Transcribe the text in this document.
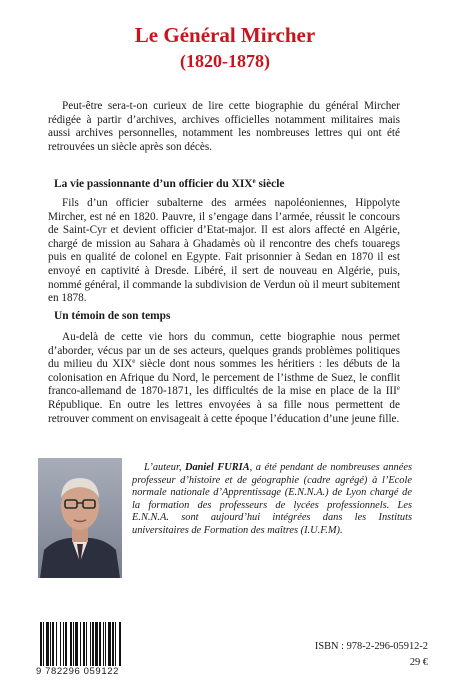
Le Général Mircher
(1820-1878)

Peut-être sera-t-on curieux de lire cette biographie du général Mircher rédigée à partir d’archives, archives officielles notamment militaires mais aussi archives personnelles, notamment les nombreuses lettres qui ont été retrouvées un siècle après son décès.

La vie passionnante d’un officier du XIXe siècle

Fils d’un officier subalterne des armées napoléoniennes, Hippolyte Mircher, est né en 1820. Pauvre, il s’engage dans l’armée, réussit le concours de Saint-Cyr et devient officier d’Etat-major. Il est alors affecté en Algérie, chargé de mission au Sahara à Ghadamès où il rencontre des chefs touaregs puis en qualité de colonel en Egypte. Fait prisonnier à Sedan en 1870 il est envoyé en captivité à Dresde. Libéré, il sert de nouveau en Algérie, puis, nommé général, il commande la subdivision de Verdun où il meurt subitement en 1878.

Un témoin de son temps

Au-delà de cette vie hors du commun, cette biographie nous permet d’aborder, vécus par un de ses acteurs, quelques grands problèmes politiques du milieu du XIXe siècle dont nous sommes les héritiers : les débuts de la colonisation en Afrique du Nord, le percement de l’isthme de Suez, le conflit franco-allemand de 1870-1871, les difficultés de la mise en place de la IIIe République. En outre les lettres envoyées à sa fille nous permettent de retrouver comment on envisageait à cette époque l’éducation d’une jeune fille.

L’auteur, Daniel FURIA, a été pendant de nombreuses années professeur d’histoire et de géographie (cadre agrégé) à l’Ecole normale nationale d’Apprentissage (E.N.N.A.) de Lyon chargé de la formation des professeurs de lycées professionnels. Les E.N.N.A. sont aujourd’hui intégrées dans les Instituts universitaires de Formation des maîtres (I.U.F.M).

9 782296 059122

ISBN : 978-2-296-05912-2

29 €
